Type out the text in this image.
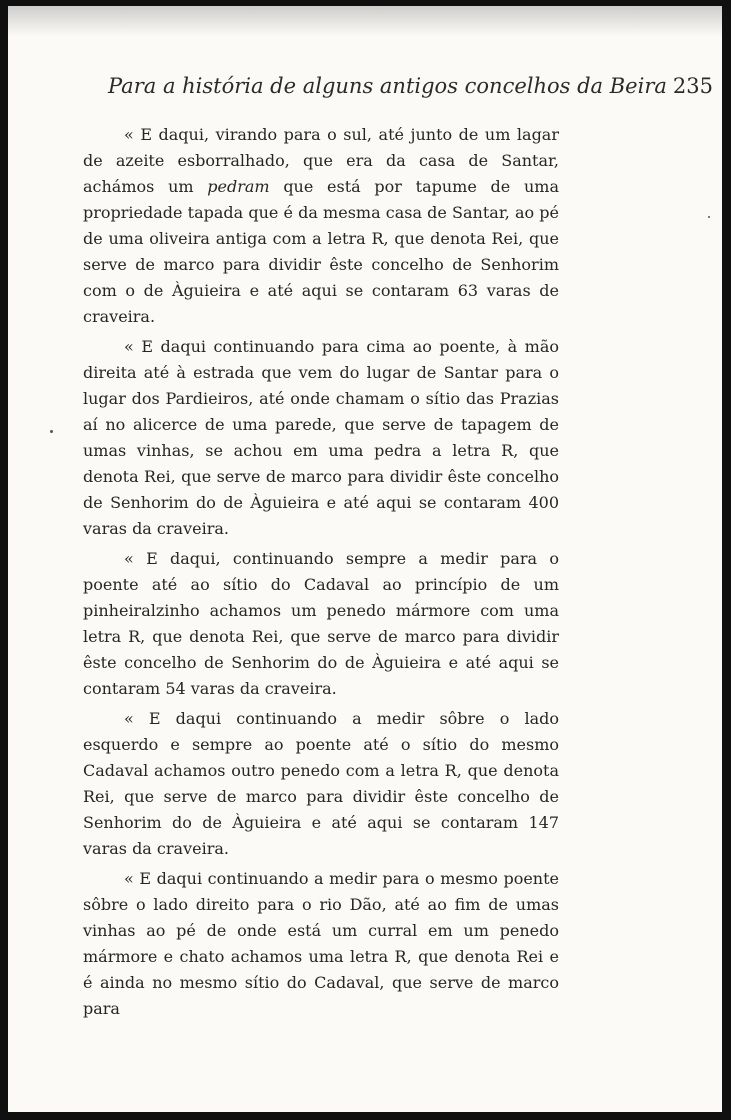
Para a história de alguns antigos concelhos da Beira 235

« E daqui, virando para o sul, até junto de um lagar de azeite esborralhado, que era da casa de Santar, achámos um pedram que está por tapume de uma propriedade tapada que é da mesma casa de Santar, ao pé de uma oliveira antiga com a letra R, que denota Rei, que serve de marco para dividir êste concelho de Senhorim com o de Àguieira e até aqui se contaram 63 varas de craveira.

« E daqui continuando para cima ao poente, à mão direita até à estrada que vem do lugar de Santar para o lugar dos Pardieiros, até onde chamam o sítio das Prazias aí no alicerce de uma parede, que serve de tapagem de umas vinhas, se achou em uma pedra a letra R, que denota Rei, que serve de marco para dividir êste concelho de Senhorim do de Àguieira e até aqui se contaram 400 varas da craveira.

« E daqui, continuando sempre a medir para o poente até ao sítio do Cadaval ao princípio de um pinheiralzinho achamos um penedo mármore com uma letra R, que denota Rei, que serve de marco para dividir êste concelho de Senhorim do de Àguieira e até aqui se contaram 54 varas da craveira.

« E daqui continuando a medir sôbre o lado esquerdo e sempre ao poente até o sítio do mesmo Cadaval achamos outro penedo com a letra R, que denota Rei, que serve de marco para dividir êste concelho de Senhorim do de Àguieira e até aqui se contaram 147 varas da craveira.

« E daqui continuando a medir para o mesmo poente sôbre o lado direito para o rio Dão, até ao fim de umas vinhas ao pé de onde está um curral em um penedo mármore e chato achamos uma letra R, que denota Rei e é ainda no mesmo sítio do Cadaval, que serve de marco para
